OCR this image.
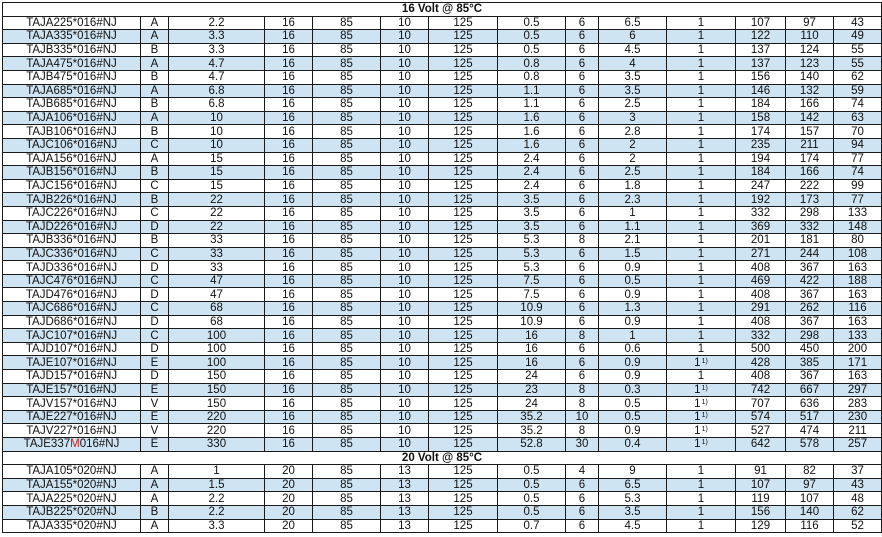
16 Volt @ 85°C													
TAJA225*016#NJ	A	2.2	16	85	10	125	0.5	6	6.5	1	107	97	43
TAJA335*016#NJ	A	3.3	16	85	10	125	0.5	6	6	1	122	110	49
TAJB335*016#NJ	B	3.3	16	85	10	125	0.5	6	4.5	1	137	124	55
TAJA475*016#NJ	A	4.7	16	85	10	125	0.8	6	4	1	137	123	55
TAJB475*016#NJ	B	4.7	16	85	10	125	0.8	6	3.5	1	156	140	62
TAJA685*016#NJ	A	6.8	16	85	10	125	1.1	6	3.5	1	146	132	59
TAJB685*016#NJ	B	6.8	16	85	10	125	1.1	6	2.5	1	184	166	74
TAJA106*016#NJ	A	10	16	85	10	125	1.6	6	3	1	158	142	63
TAJB106*016#NJ	B	10	16	85	10	125	1.6	6	2.8	1	174	157	70
TAJC106*016#NJ	C	10	16	85	10	125	1.6	6	2	1	235	211	94
TAJA156*016#NJ	A	15	16	85	10	125	2.4	6	2	1	194	174	77
TAJB156*016#NJ	B	15	16	85	10	125	2.4	6	2.5	1	184	166	74
TAJC156*016#NJ	C	15	16	85	10	125	2.4	6	1.8	1	247	222	99
TAJB226*016#NJ	B	22	16	85	10	125	3.5	6	2.3	1	192	173	77
TAJC226*016#NJ	C	22	16	85	10	125	3.5	6	1	1	332	298	133
TAJD226*016#NJ	D	22	16	85	10	125	3.5	6	1.1	1	369	332	148
TAJB336*016#NJ	B	33	16	85	10	125	5.3	8	2.1	1	201	181	80
TAJC336*016#NJ	C	33	16	85	10	125	5.3	6	1.5	1	271	244	108
TAJD336*016#NJ	D	33	16	85	10	125	5.3	6	0.9	1	408	367	163
TAJC476*016#NJ	C	47	16	85	10	125	7.5	6	0.5	1	469	422	188
TAJD476*016#NJ	D	47	16	85	10	125	7.5	6	0.9	1	408	367	163
TAJC686*016#NJ	C	68	16	85	10	125	10.9	6	1.3	1	291	262	116
TAJD686*016#NJ	D	68	16	85	10	125	10.9	6	0.9	1	408	367	163
TAJC107*016#NJ	C	100	16	85	10	125	16	8	1	1	332	298	133
TAJD107*016#NJ	D	100	16	85	10	125	16	6	0.6	1	500	450	200
TAJE107*016#NJ	E	100	16	85	10	125	16	6	0.9	1$^{1)}$	428	385	171
TAJD157*016#NJ	D	150	16	85	10	125	24	6	0.9	1	408	367	163
TAJE157*016#NJ	E	150	16	85	10	125	23	8	0.3	1$^{1)}$	742	667	297
TAJV157*016#NJ	V	150	16	85	10	125	24	8	0.5	1$^{1)}$	707	636	283
TAJE227*016#NJ	E	220	16	85	10	125	35.2	10	0.5	1$^{1)}$	574	517	230
TAJV227*016#NJ	V	220	16	85	10	125	35.2	8	0.9	1$^{1)}$	527	474	211
TAJE337M016#NJ	E	330	16	85	10	125	52.8	30	0.4	1$^{1)}$	642	578	257
20 Volt @ 85°C													
TAJA105*020#NJ	A	1	20	85	13	125	0.5	4	9	1	91	82	37
TAJA155*020#NJ	A	1.5	20	85	13	125	0.5	6	6.5	1	107	97	43
TAJA225*020#NJ	A	2.2	20	85	13	125	0.5	6	5.3	1	119	107	48
TAJB225*020#NJ	B	2.2	20	85	13	125	0.5	6	3.5	1	156	140	62
TAJA335*020#NJ	A	3.3	20	85	13	125	0.7	6	4.5	1	129	116	52
